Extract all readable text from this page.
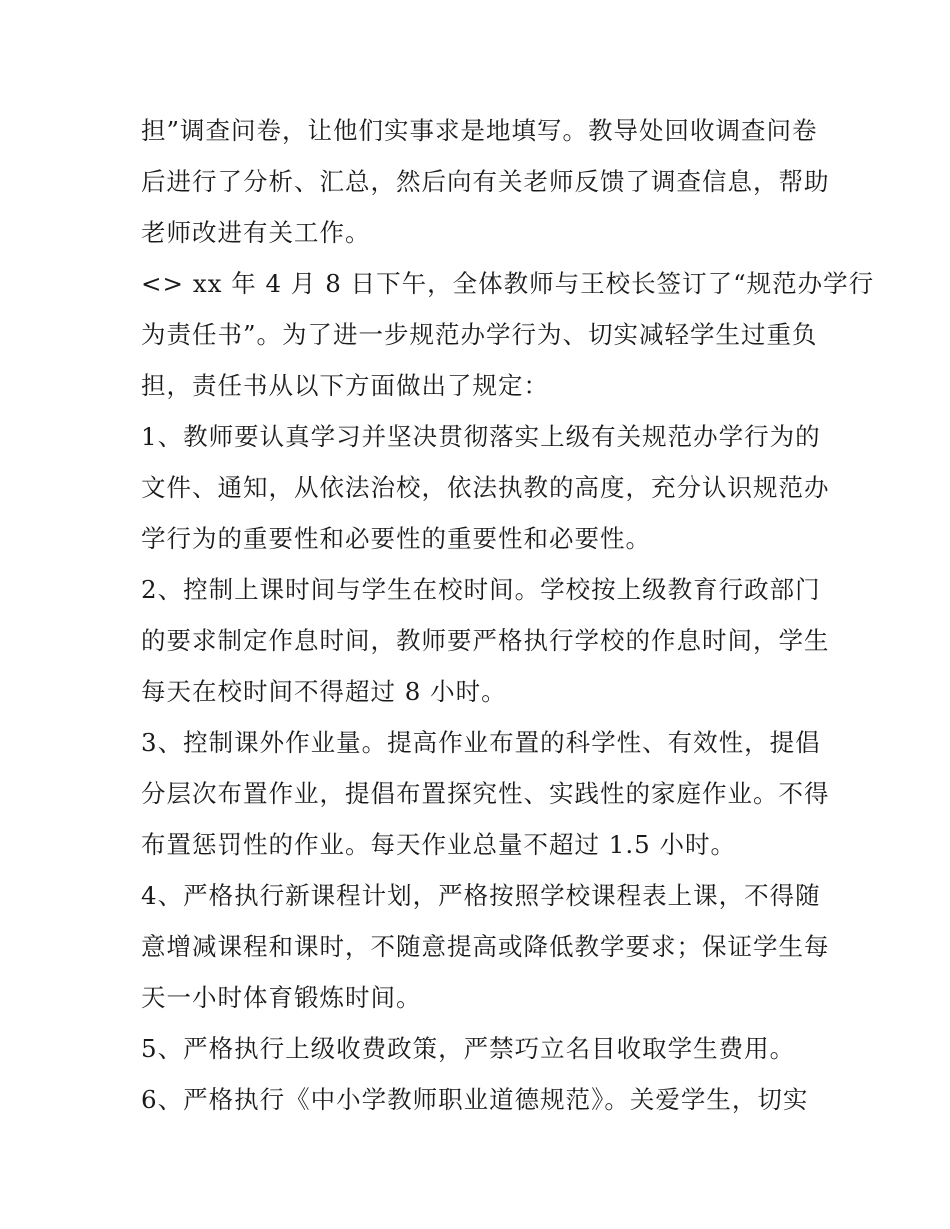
担”调查问卷，让他们实事求是地填写。教导处回收调查问卷
后进行了分析、汇总，然后向有关老师反馈了调查信息，帮助
老师改进有关工作。
<> xx 年 4 月 8 日下午，全体教师与王校长签订了“规范办学行
为责任书”。为了进一步规范办学行为、切实减轻学生过重负
担，责任书从以下方面做出了规定：
1、教师要认真学习并坚决贯彻落实上级有关规范办学行为的
文件、通知，从依法治校，依法执教的高度，充分认识规范办
学行为的重要性和必要性的重要性和必要性。
2、控制上课时间与学生在校时间。学校按上级教育行政部门
的要求制定作息时间，教师要严格执行学校的作息时间，学生
每天在校时间不得超过 8 小时。
3、控制课外作业量。提高作业布置的科学性、有效性，提倡
分层次布置作业，提倡布置探究性、实践性的家庭作业。不得
布置惩罚性的作业。每天作业总量不超过 1.5 小时。
4、严格执行新课程计划，严格按照学校课程表上课，不得随
意增减课程和课时，不随意提高或降低教学要求；保证学生每
天一小时体育锻炼时间。
5、严格执行上级收费政策，严禁巧立名目收取学生费用。
6、严格执行《中小学教师职业道德规范》。关爱学生，切实
